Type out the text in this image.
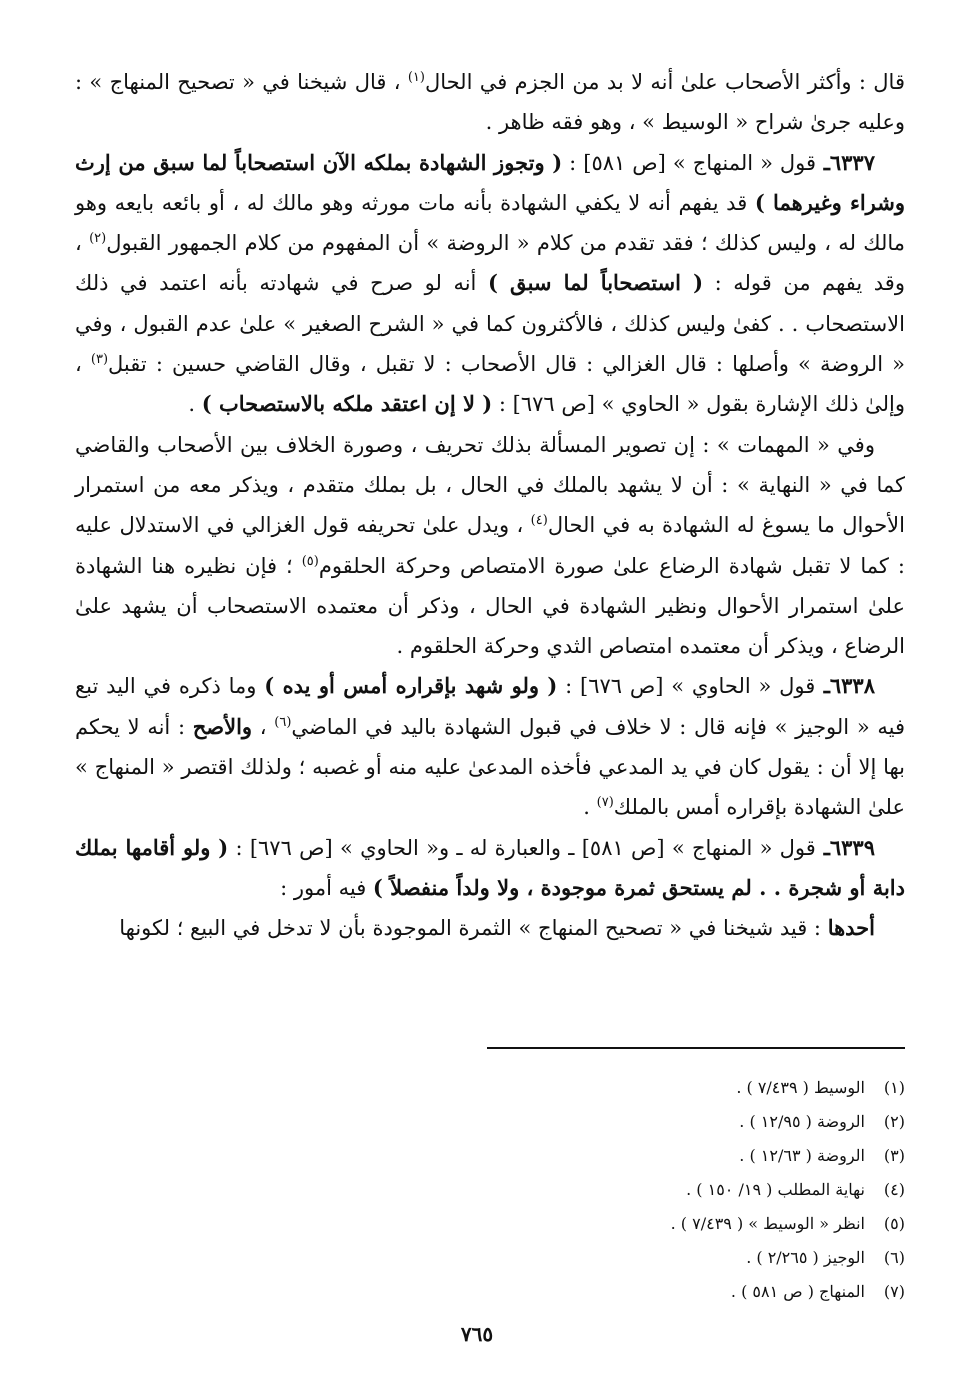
قال : وأكثر الأصحاب علىٰ أنه لا بد من الجزم في الحال$^{(١)}$ ، قال شيخنا في « تصحيح المنهاج » : وعليه جرىٰ شراح « الوسيط » ، وهو فقه ظاهر .

٦٣٣٧ـ قول « المنهاج » [ص ٥٨١] : ( وتجوز الشهادة بملكه الآن استصحاباً لما سبق من إرث وشراء وغيرهما ) قد يفهم أنه لا يكفي الشهادة بأنه مات مورثه وهو مالك له ، أو بائعه بايعه وهو مالك له ، وليس كذلك ؛ فقد تقدم من كلام « الروضة » أن المفهوم من كلام الجمهور القبول$^{(٢)}$ ، وقد يفهم من قوله : ( استصحاباً لما سبق ) أنه لو صرح في شهادته بأنه اعتمد في ذلك الاستصحاب . . كفىٰ وليس كذلك ، فالأكثرون كما في « الشرح الصغير » علىٰ عدم القبول ، وفي « الروضة » وأصلها : قال الغزالي : قال الأصحاب : لا تقبل ، وقال القاضي حسين : تقبل$^{(٣)}$ ، وإلىٰ ذلك الإشارة بقول « الحاوي » [ص ٦٧٦] : ( لا إن اعتقد ملكه بالاستصحاب ) .

وفي « المهمات » : إن تصوير المسألة بذلك تحريف ، وصورة الخلاف بين الأصحاب والقاضي كما في « النهاية » : أن لا يشهد بالملك في الحال ، بل بملك متقدم ، ويذكر معه من استمرار الأحوال ما يسوغ له الشهادة به في الحال$^{(٤)}$ ، ويدل علىٰ تحريفه قول الغزالي في الاستدلال عليه : كما لا تقبل شهادة الرضاع علىٰ صورة الامتصاص وحركة الحلقوم$^{(٥)}$ ؛ فإن نظيره هنا الشهادة علىٰ استمرار الأحوال ونظير الشهادة في الحال ، وذكر أن معتمده الاستصحاب أن يشهد علىٰ الرضاع ، ويذكر أن معتمده امتصاص الثدي وحركة الحلقوم .

٦٣٣٨ـ قول « الحاوي » [ص ٦٧٦] : ( ولو شهد بإقراره أمس أو يده ) وما ذكره في اليد تبع فيه « الوجيز » فإنه قال : لا خلاف في قبول الشهادة باليد في الماضي$^{(٦)}$ ، والأصح : أنه لا يحكم بها إلا أن : يقول كان في يد المدعي فأخذه المدعىٰ عليه منه أو غصبه ؛ ولذلك اقتصر « المنهاج » علىٰ الشهادة بإقراره أمس بالملك$^{(٧)}$ .

٦٣٣٩ـ قول « المنهاج » [ص ٥٨١] ـ والعبارة له ـ و« الحاوي » [ص ٦٧٦] : ( ولو أقامها بملك دابة أو شجرة . . لم يستحق ثمرة موجودة ، ولا ولداً منفصلاً ) فيه أمور :

أحدها : قيد شيخنا في « تصحيح المنهاج » الثمرة الموجودة بأن لا تدخل في البيع ؛ لكونها

(١)الوسيط ( ٧/٤٣٩ ) .
(٢)الروضة ( ١٢/٩٥ ) .
(٣)الروضة ( ١٢/٦٣ ) .
(٤)نهاية المطلب ( ١٩/ ١٥٠ ) .
(٥)انظر « الوسيط » ( ٧/٤٣٩ ) .
(٦)الوجيز ( ٢/٢٦٥ ) .
(٧)المنهاج ( ص ٥٨١ ) .
٧٦٥
